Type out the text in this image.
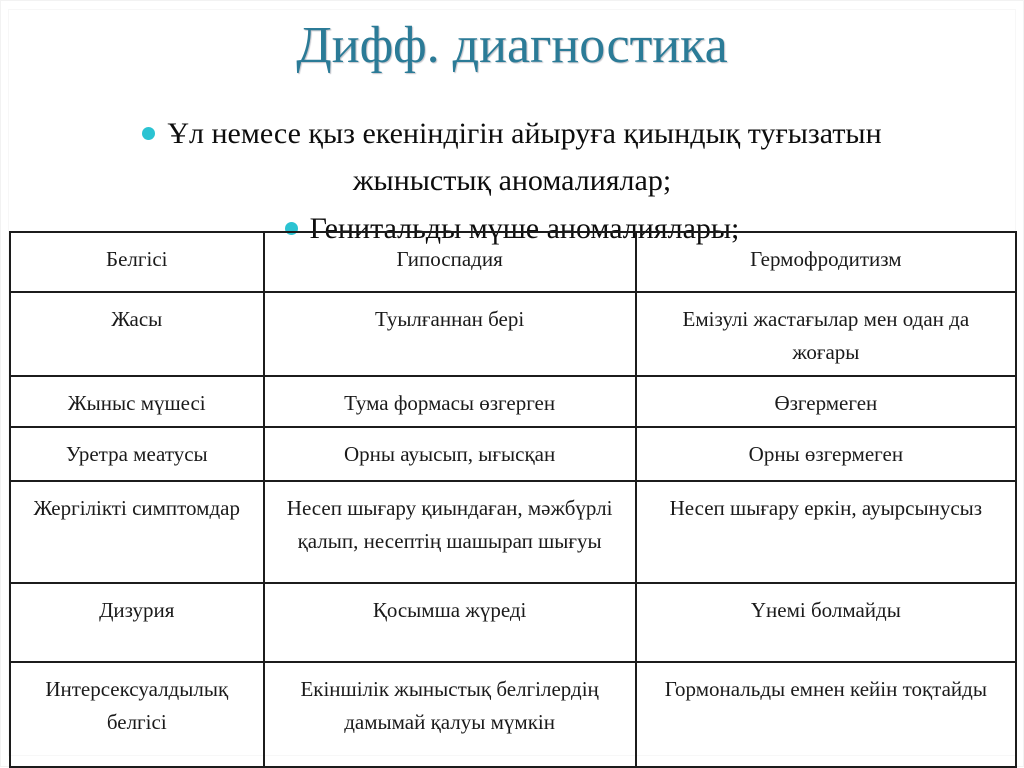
Дифф. диагностика
Ұл немесе қыз екеніндігін айыруға қиындық туғызатын жыныстық аномалиялар;
Генитальды мүше аномалиялары;
Белгісі	Гипоспадия	Гермофродитизм
Жасы	Туылғаннан бері	Емізулі жастағылар мен одан да жоғары
Жыныс мүшесі	Тума формасы өзгерген	Өзгермеген
Уретра меатусы	Орны ауысып, ығысқан	Орны өзгермеген
Жергілікті симптомдар	Несеп шығару қиындаған, мәжбүрлі қалып, несептің шашырап шығуы	Несеп шығару еркін, ауырсынусыз
Дизурия	Қосымша жүреді	Үнемі болмайды
Интерсексуалдылық белгісі	Екіншілік жыныстық белгілердің дамымай қалуы мүмкін	Гормональды емнен кейін тоқтайды
